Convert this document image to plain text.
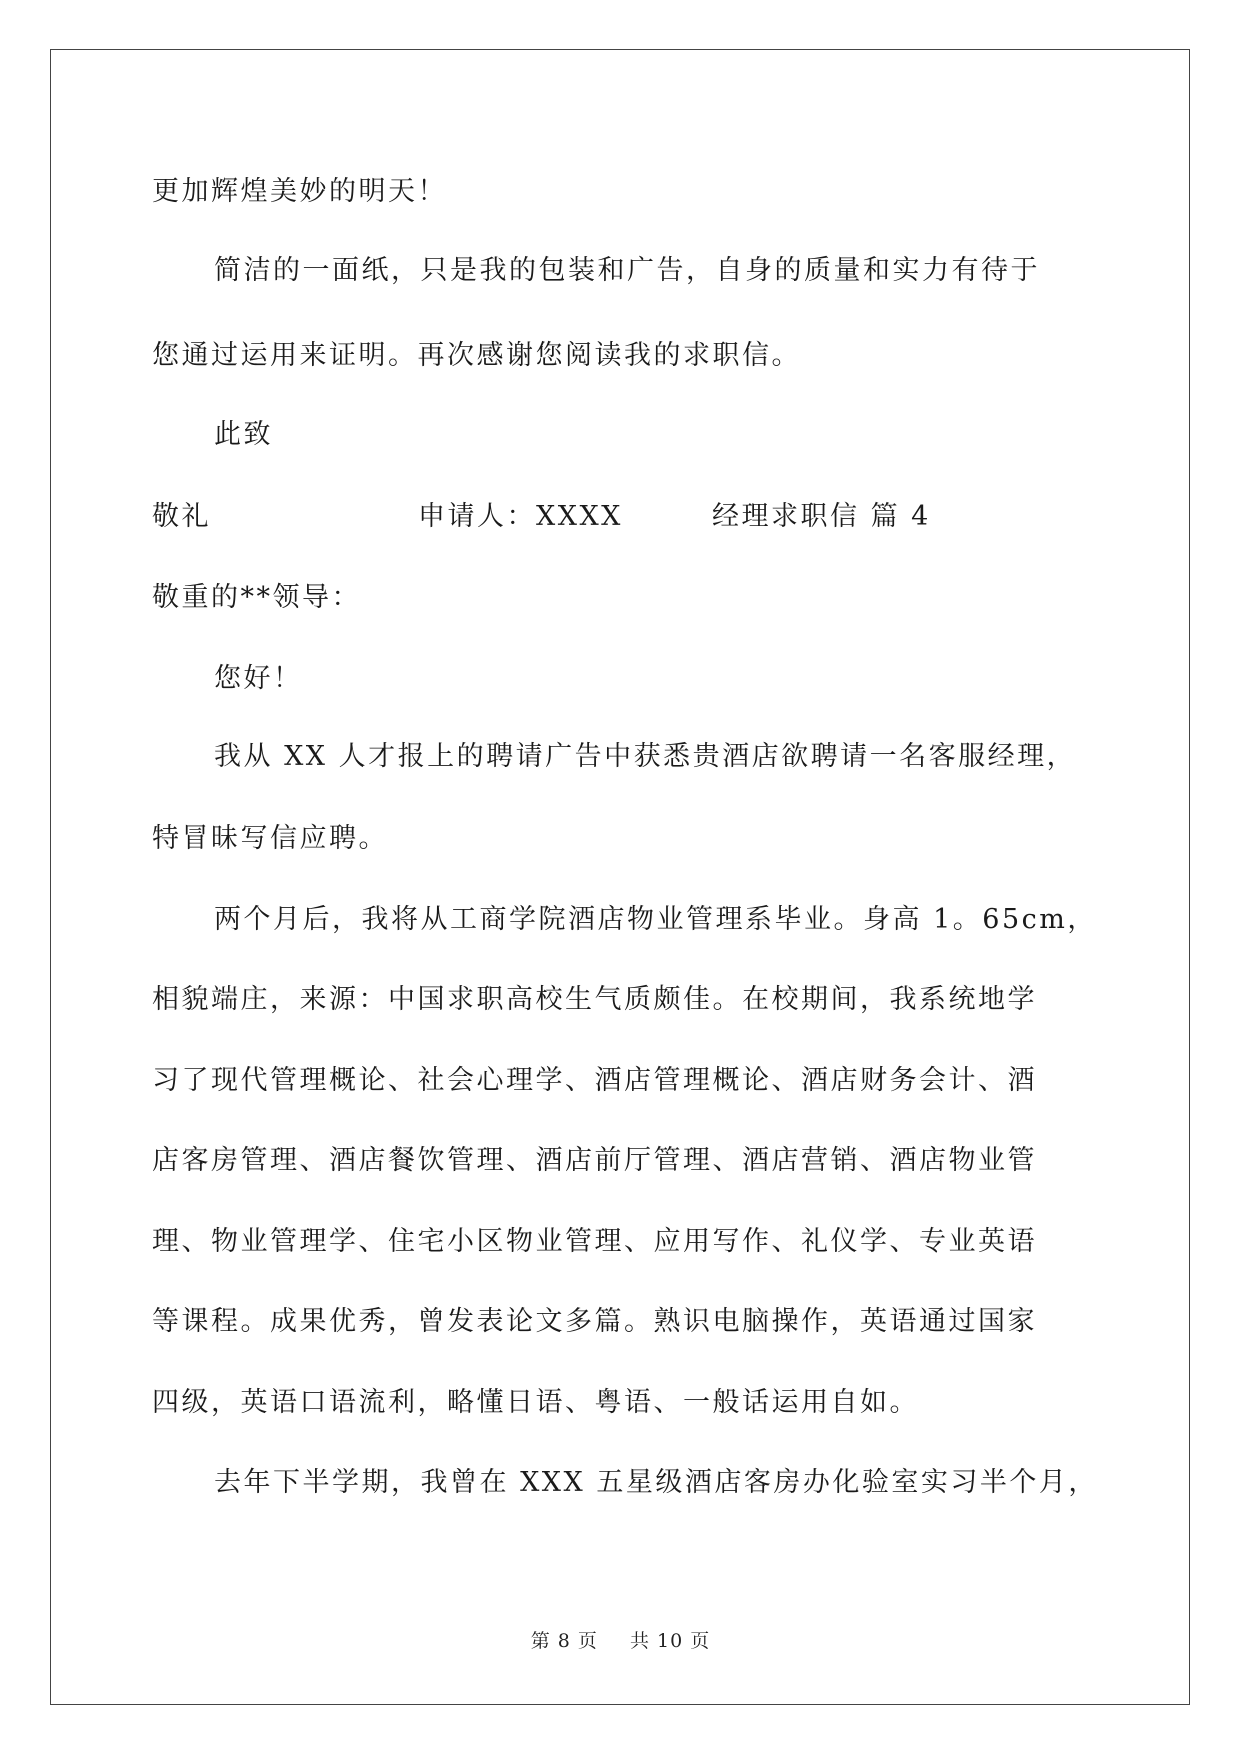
更加辉煌美妙的明天！
简洁的一面纸，只是我的包装和广告，自身的质量和实力有待于
您通过运用来证明。再次感谢您阅读我的求职信。
此致
敬礼	申请人：XXXX	经理求职信 篇 4
敬重的**领导：
您好！
我从 XX 人才报上的聘请广告中获悉贵酒店欲聘请一名客服经理，
特冒昧写信应聘。
两个月后，我将从工商学院酒店物业管理系毕业。身高 1。65cm，
相貌端庄，来源：中国求职高校生气质颇佳。在校期间，我系统地学
习了现代管理概论、社会心理学、酒店管理概论、酒店财务会计、酒
店客房管理、酒店餐饮管理、酒店前厅管理、酒店营销、酒店物业管
理、物业管理学、住宅小区物业管理、应用写作、礼仪学、专业英语
等课程。成果优秀，曾发表论文多篇。熟识电脑操作，英语通过国家
四级，英语口语流利，略懂日语、粤语、一般话运用自如。
去年下半学期，我曾在 XXX 五星级酒店客房办化验室实习半个月，
第 8 页 共 10 页
